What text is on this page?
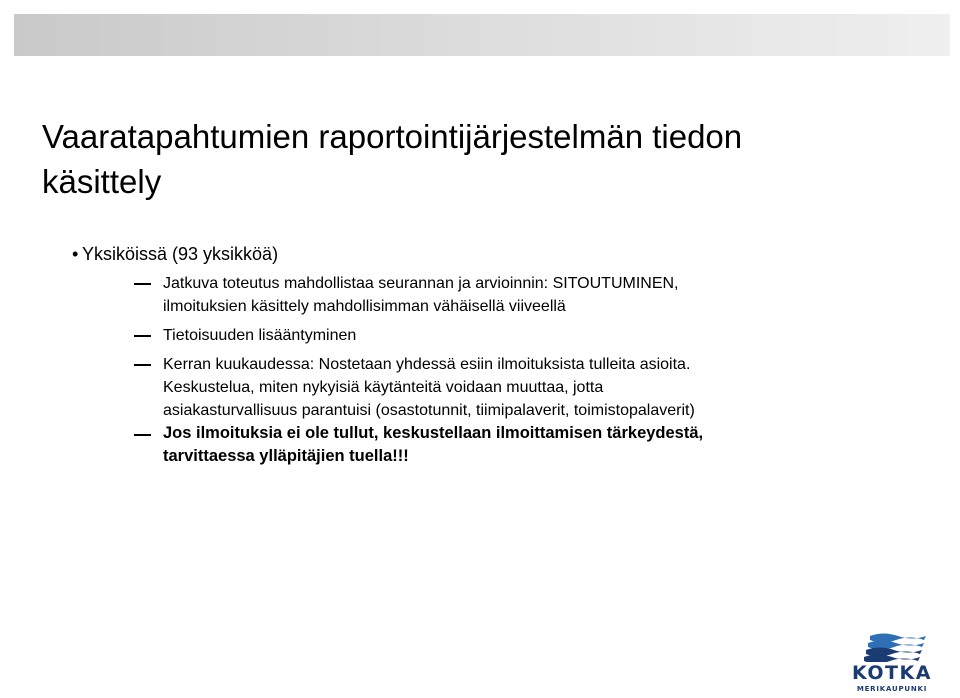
Vaaratapahtumien raportointijärjestelmän tiedon
käsittely
• Yksiköissä (93 yksikköä)
Jatkuva toteutus mahdollistaa seurannan ja arvioinnin: SITOUTUMINEN,
ilmoituksien käsittely mahdollisimman vähäisellä viiveellä
Tietoisuuden lisääntyminen
Kerran kuukaudessa: Nostetaan yhdessä esiin ilmoituksista tulleita asioita.
Keskustelua, miten nykyisiä käytänteitä voidaan muuttaa, jotta
asiakasturvallisuus parantuisi (osastotunnit, tiimipalaverit, toimistopalaverit)
Jos ilmoituksia ei ole tullut, keskustellaan ilmoittamisen tärkeydestä,
tarvittaessa ylläpitäjien tuella!!!
KOTKA
MERIKAUPUNKI
